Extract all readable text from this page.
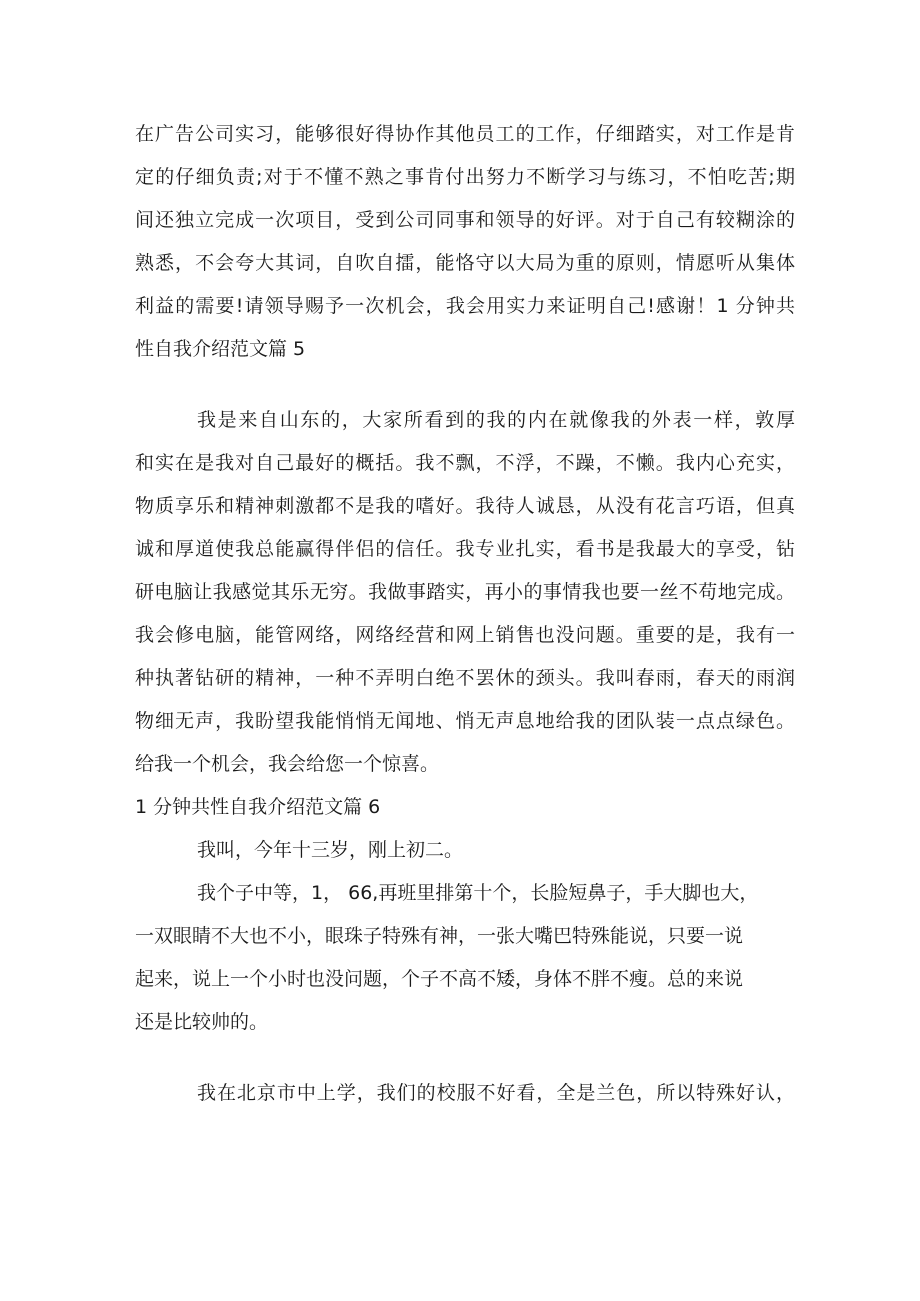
在广告公司实习，能够很好得协作其他员工的工作，仔细踏实，对工作是肯

定的仔细负责;对于不懂不熟之事肯付出努力不断学习与练习，不怕吃苦;期

间还独立完成一次项目，受到公司同事和领导的好评。对于自己有较糊涂的

熟悉，不会夸大其词，自吹自擂，能恪守以大局为重的原则，情愿听从集体

利益的需要!请领导赐予一次机会，我会用实力来证明自己!感谢！1 分钟共

性自我介绍范文篇 5

我是来自山东的，大家所看到的我的内在就像我的外表一样，敦厚

和实在是我对自己最好的概括。我不飘，不浮，不躁，不懒。我内心充实，

物质享乐和精神刺激都不是我的嗜好。我待人诚恳，从没有花言巧语，但真

诚和厚道使我总能赢得伴侣的信任。我专业扎实，看书是我最大的享受，钻

研电脑让我感觉其乐无穷。我做事踏实，再小的事情我也要一丝不苟地完成。

我会修电脑，能管网络，网络经营和网上销售也没问题。重要的是，我有一

种执著钻研的精神，一种不弄明白绝不罢休的颈头。我叫春雨，春天的雨润

物细无声，我盼望我能悄悄无闻地、悄无声息地给我的团队装一点点绿色。

给我一个机会，我会给您一个惊喜。

1 分钟共性自我介绍范文篇 6

我叫，今年十三岁，刚上初二。

我个子中等，1， 66,再班里排第十个，长脸短鼻子，手大脚也大，

一双眼睛不大也不小，眼珠子特殊有神，一张大嘴巴特殊能说，只要一说

起来，说上一个小时也没问题，个子不高不矮，身体不胖不瘦。总的来说

还是比较帅的。

我在北京市中上学，我们的校服不好看，全是兰色，所以特殊好认，
